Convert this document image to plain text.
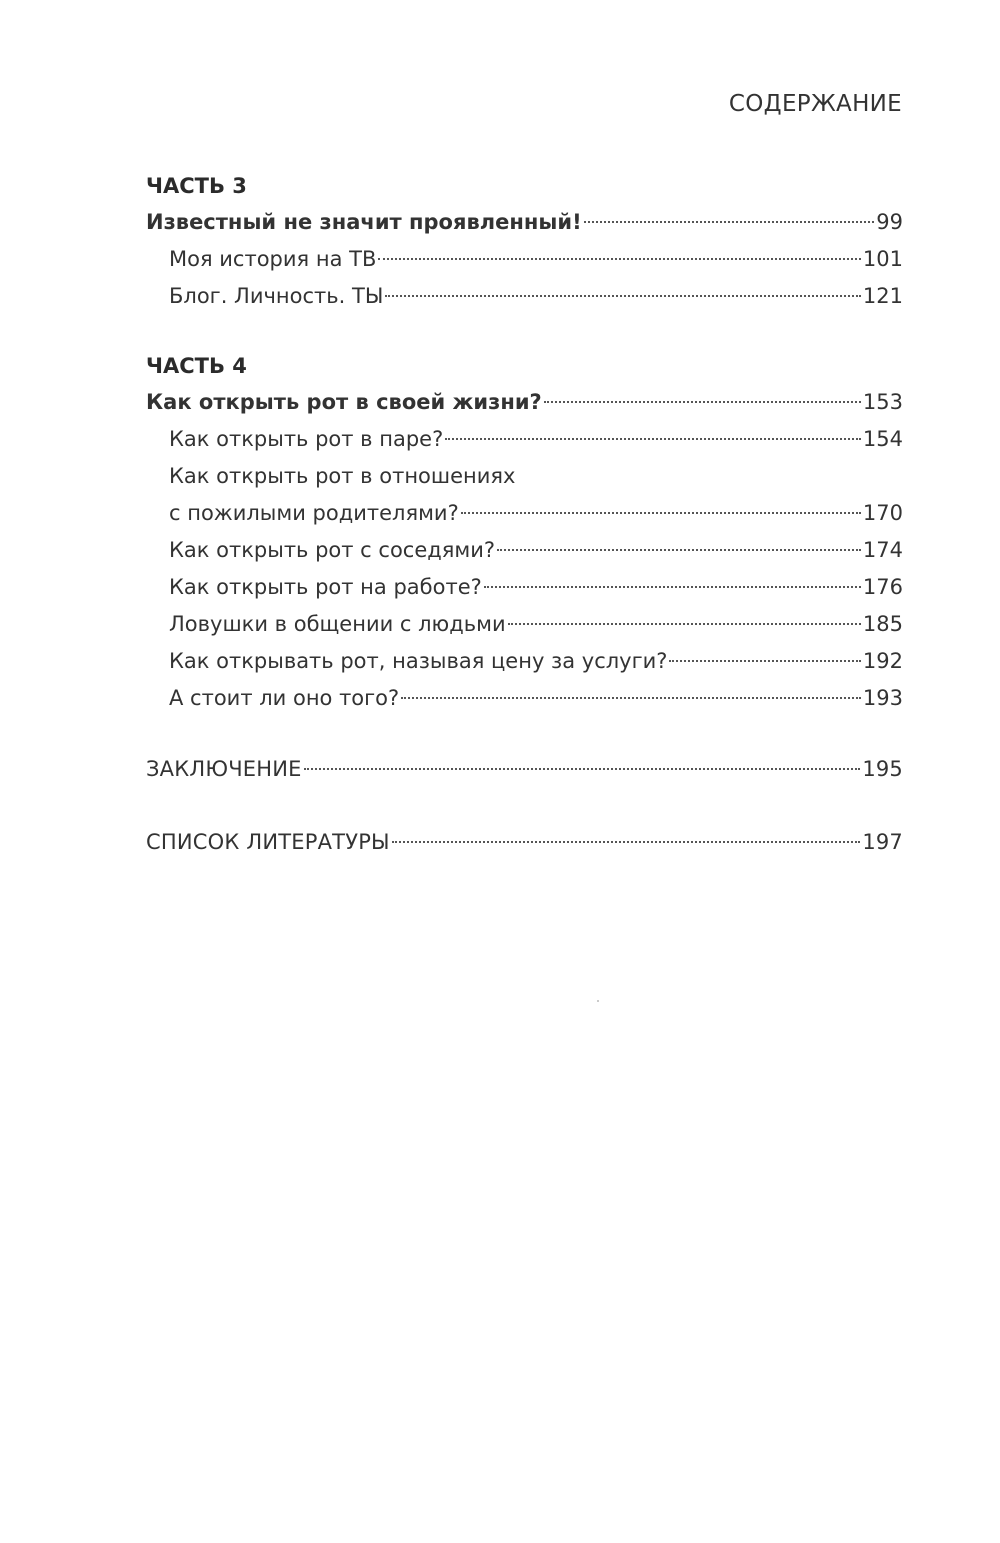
СОДЕРЖАНИЕ
ЧАСТЬ 3
Известный не значит проявленный!	99
Моя история на ТВ	101
Блог. Личность. ТЫ	121
ЧАСТЬ 4
Как открыть рот в своей жизни?	153
Как открыть рот в паре?	154
Как открыть рот в отношениях
с пожилыми родителями?	170
Как открыть рот с соседями?	174
Как открыть рот на работе?	176
Ловушки в общении с людьми	185
Как открывать рот, называя цену за услуги?	192
А стоит ли оно того?	193
ЗАКЛЮЧЕНИЕ	195
СПИСОК ЛИТЕРАТУРЫ	197
